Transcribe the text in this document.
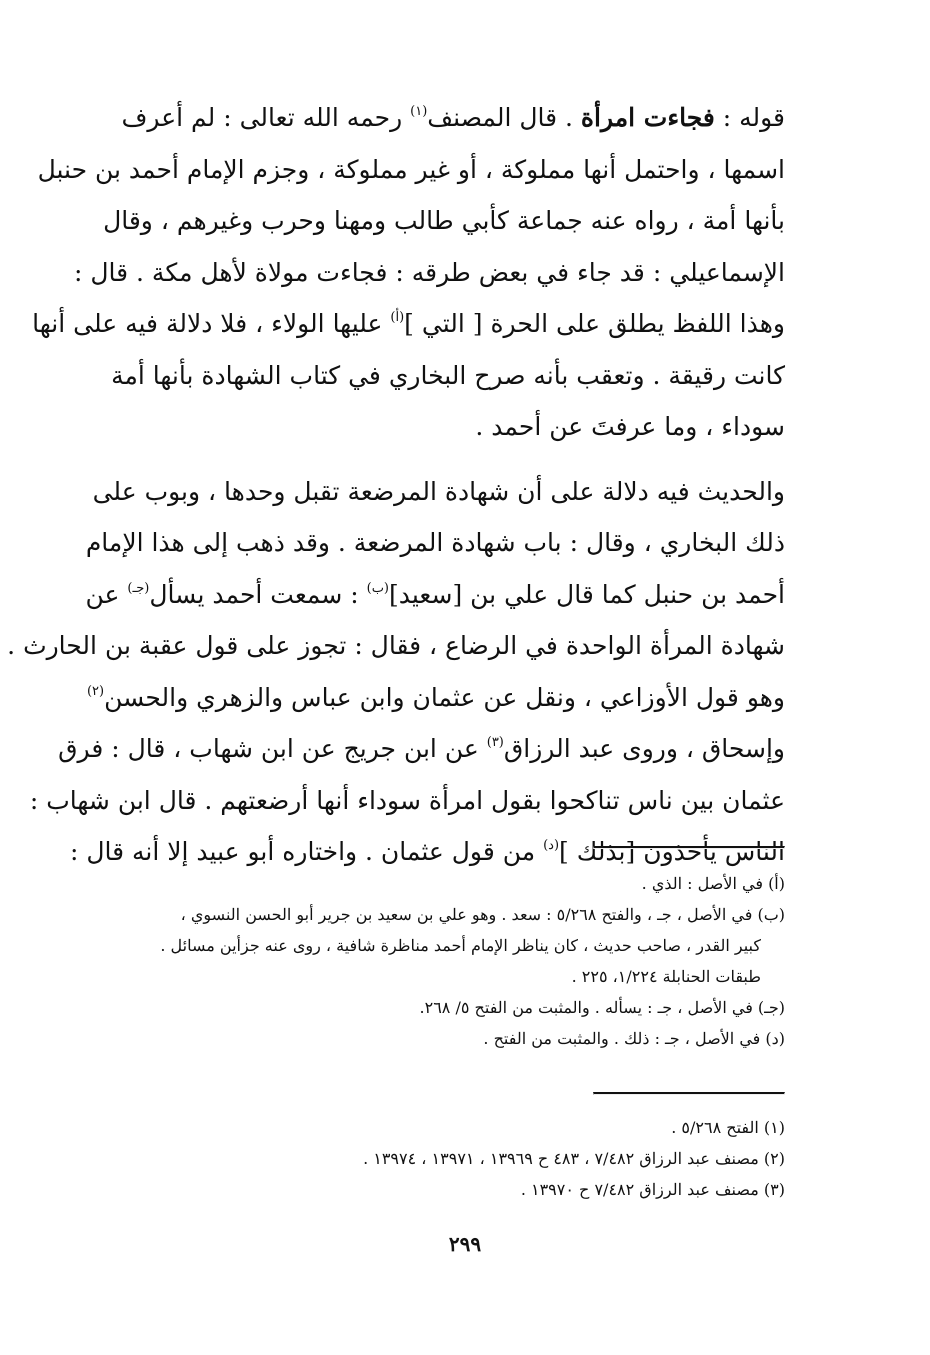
قوله : فجاءت امرأة . قال المصنف$^{(١)}$ رحمه الله تعالى : لم أعرف
اسمها ، واحتمل أنها مملوكة ، أو غير مملوكة ، وجزم الإمام أحمد بن حنبل
بأنها أمة ، رواه عنه جماعة كأبي طالب ومهنا وحرب وغيرهم ، وقال
الإسماعيلي : قد جاء في بعض طرقه : فجاءت مولاة لأهل مكة . قال :
وهذا اللفظ يطلق على الحرة [ التي ]$^{(أ)}$ عليها الولاء ، فلا دلالة فيه على أنها
كانت رقيقة . وتعقب بأنه صرح البخاري في كتاب الشهادة بأنها أمة
سوداء ، وما عرفتَ عن أحمد .

والحديث فيه دلالة على أن شهادة المرضعة تقبل وحدها ، وبوب على
ذلك البخاري ، وقال : باب شهادة المرضعة . وقد ذهب إلى هذا الإمام
أحمد بن حنبل كما قال علي بن [سعيد]$^{(ب)}$ : سمعت أحمد يسأل$^{(جـ)}$ عن
شهادة المرأة الواحدة في الرضاع ، فقال : تجوز على قول عقبة بن الحارث .
وهو قول الأوزاعي ، ونقل عن عثمان وابن عباس والزهري والحسن$^{(٢)}$
وإسحاق ، وروى عبد الرزاق$^{(٣)}$ عن ابن جريج عن ابن شهاب ، قال : فرق
عثمان بين ناس تناكحوا بقول امرأة سوداء أنها أرضعتهم . قال ابن شهاب :
الناس يأخذون [بذلك ]$^{(د)}$ من قول عثمان . واختاره أبو عبيد إلا أنه قال :

(أ) في الأصل : الذي .
(ب) في الأصل ، جـ ، والفتح ٥/٢٦٨ : سعد . وهو علي بن سعيد بن جرير أبو الحسن النسوي ،
كبير القدر ، صاحب حديث ، كان يناظر الإمام أحمد مناظرة شافية ، روى عنه جزأين مسائل .
طبقات الحنابلة ١/٢٢٤، ٢٢٥ .
(جـ) في الأصل ، جـ : يسأله . والمثبت من الفتح ٥/ ٢٦٨.
(د) في الأصل ، جـ : ذلك . والمثبت من الفتح .
(١) الفتح ٥/٢٦٨ .
(٢) مصنف عبد الرزاق ٧/٤٨٢ ، ٤٨٣ ح ١٣٩٦٩ ، ١٣٩٧١ ، ١٣٩٧٤ .
(٣) مصنف عبد الرزاق ٧/٤٨٢ ح ١٣٩٧٠ .
٢٩٩
